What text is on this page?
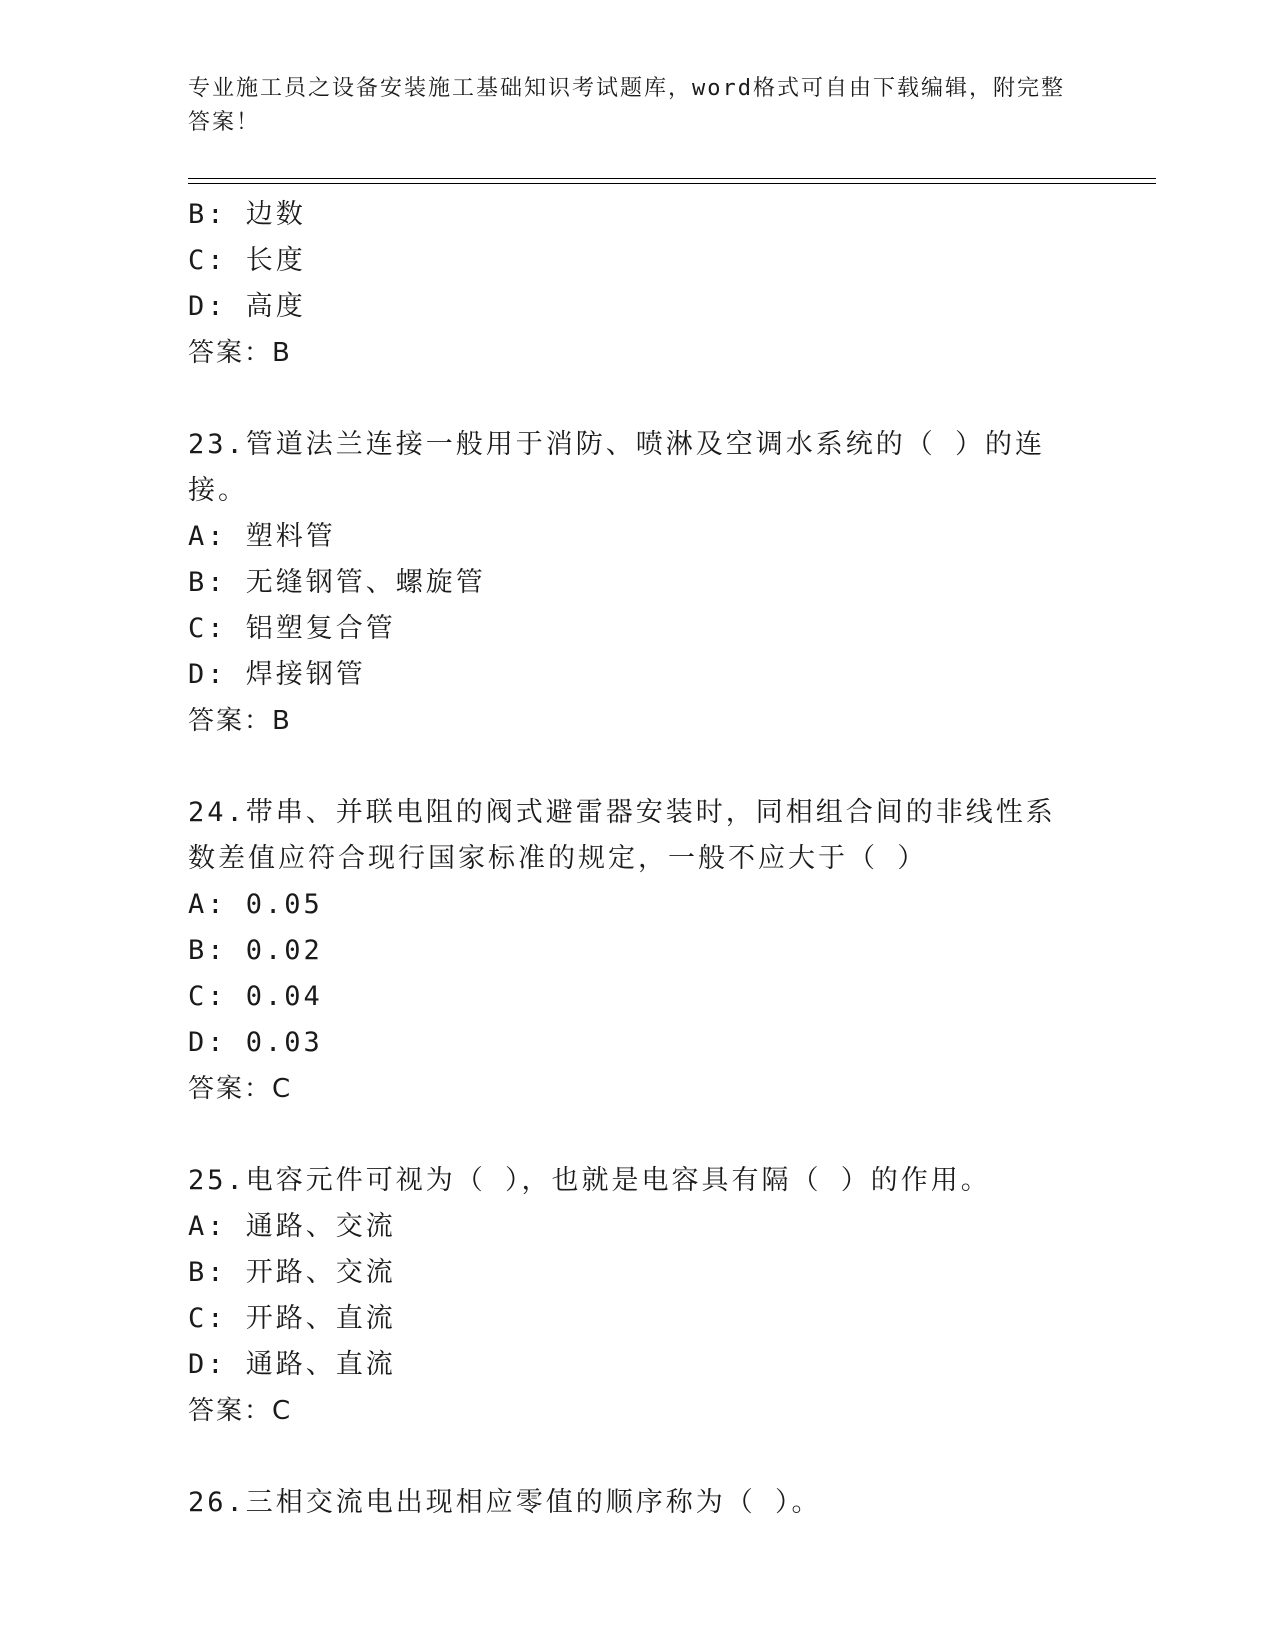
专业施工员之设备安装施工基础知识考试题库，word格式可自由下载编辑，附完整答案！
B: 边数
C: 长度
D: 高度
答案：B
23.管道法兰连接一般用于消防、喷淋及空调水系统的（ ）的连接。
A: 塑料管
B: 无缝钢管、螺旋管
C: 铝塑复合管
D: 焊接钢管
答案：B
24.带串、并联电阻的阀式避雷器安装时，同相组合间的非线性系数差值应符合现行国家标准的规定，一般不应大于（ ）
A: 0.05
B: 0.02
C: 0.04
D: 0.03
答案：C
25.电容元件可视为（ ），也就是电容具有隔（ ）的作用。
A: 通路、交流
B: 开路、交流
C: 开路、直流
D: 通路、直流
答案：C
26.三相交流电出现相应零值的顺序称为（ ）。
